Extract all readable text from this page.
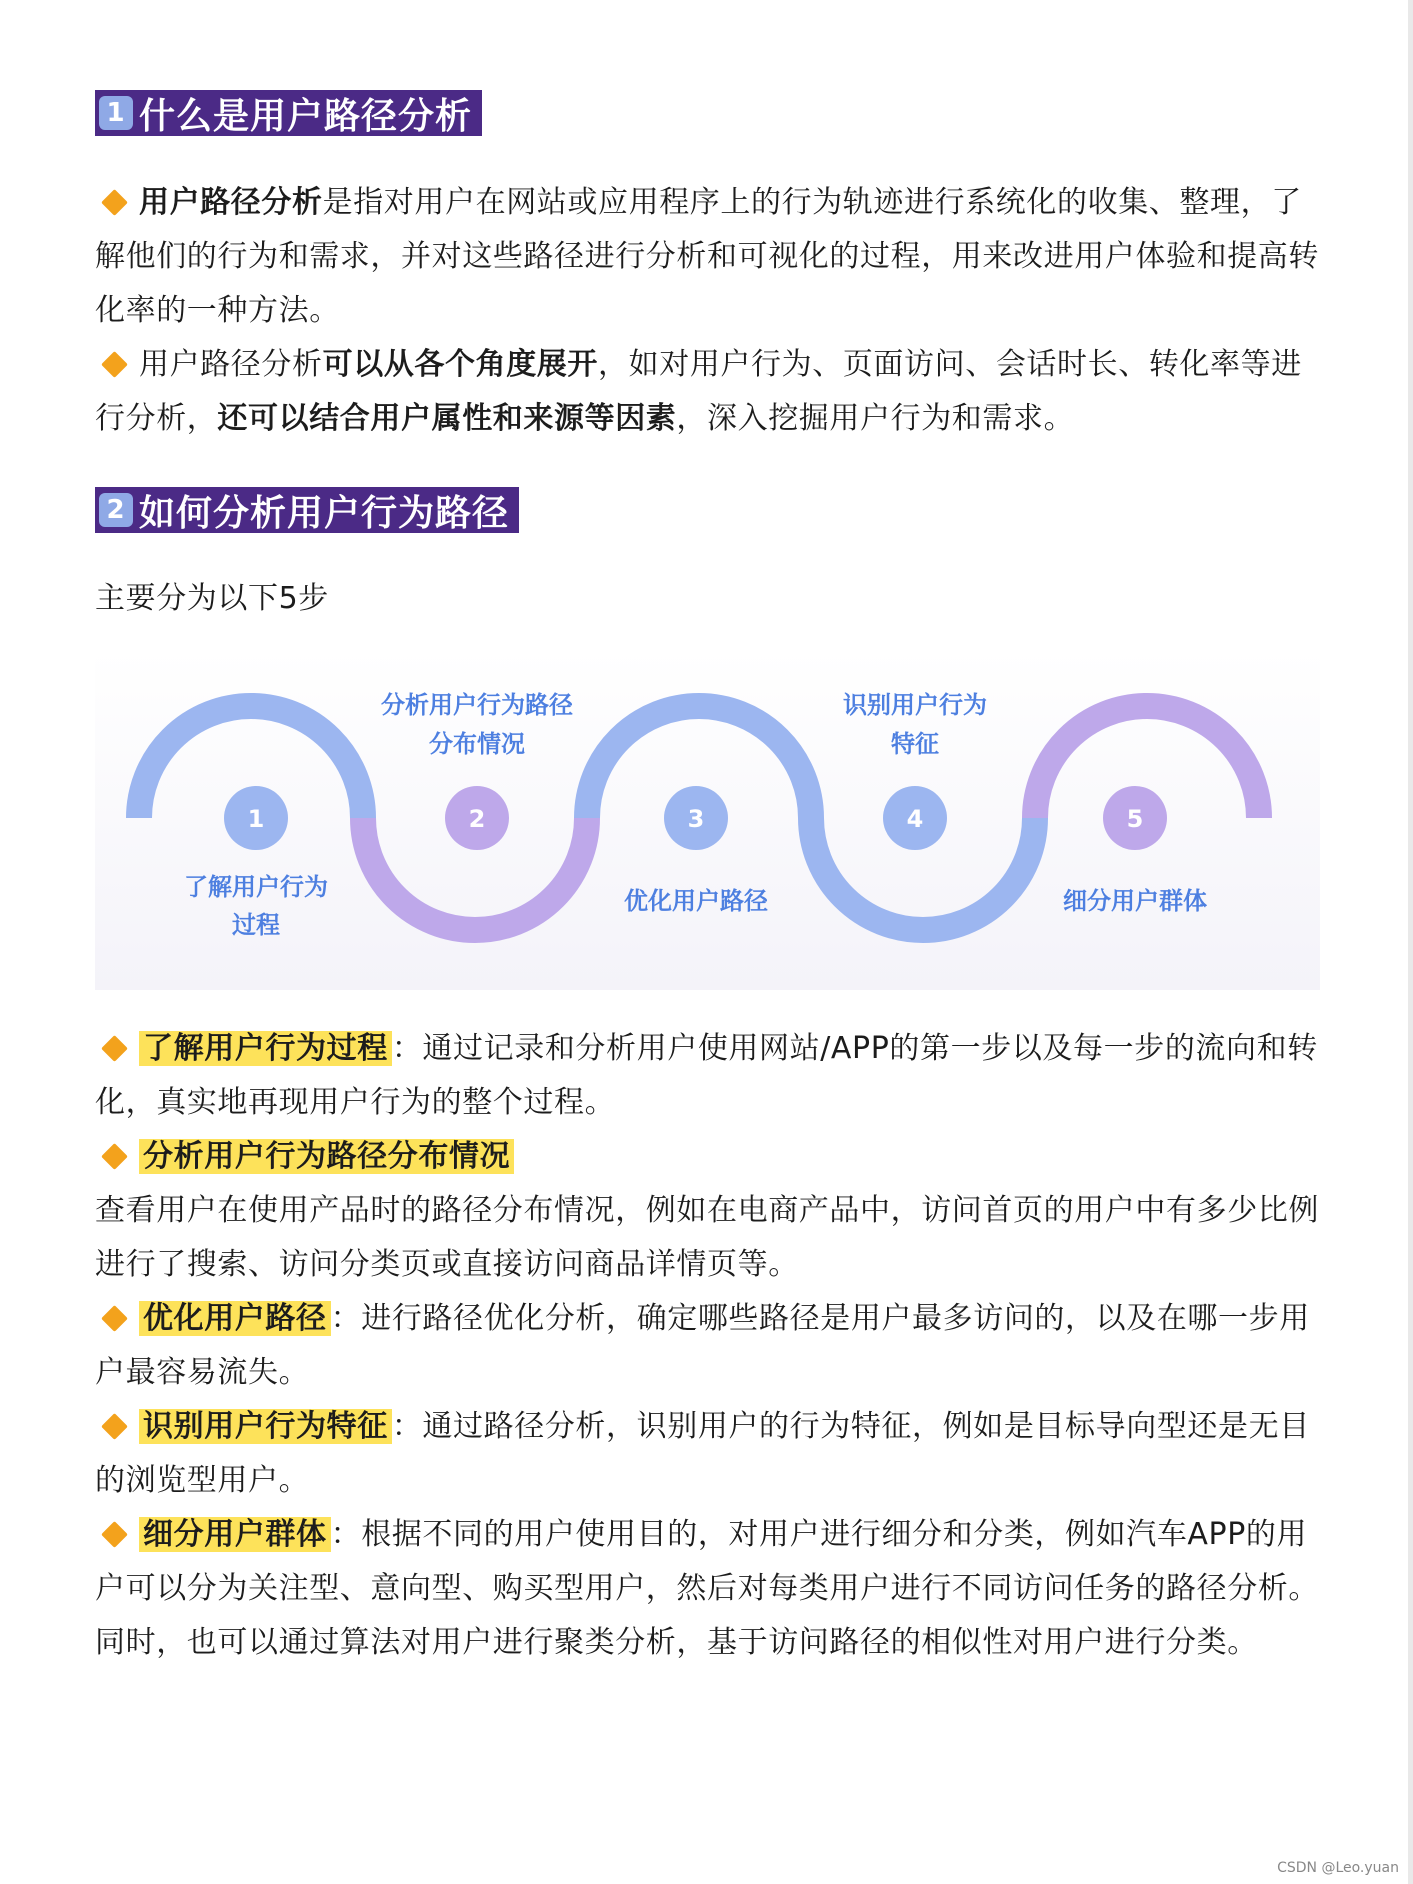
1 什么是用户路径分析

用户路径分析是指对用户在网站或应用程序上的行为轨迹进行系统化的收集、整理，了解他们的行为和需求，并对这些路径进行分析和可视化的过程，用来改进用户体验和提高转化率的一种方法。

用户路径分析可以从各个角度展开，如对用户行为、页面访问、会话时长、转化率等进行分析，还可以结合用户属性和来源等因素，深入挖掘用户行为和需求。

2 如何分析用户行为路径

主要分为以下5步

1	2	3	4	5
了解用户行为
过程
分析用户行为路径
分布情况
优化用户路径
识别用户行为
特征
细分用户群体

了解用户行为过程 ：通过记录和分析用户使用网站/APP的第一步以及每一步的流向和转化，真实地再现用户行为的整个过程。

分析用户行为路径分布情况
查看用户在使用产品时的路径分布情况，例如在电商产品中，访问首页的用户中有多少比例进行了搜索、访问分类页或直接访问商品详情页等。

优化用户路径 ：进行路径优化分析，确定哪些路径是用户最多访问的，以及在哪一步用户最容易流失。

识别用户行为特征 ：通过路径分析，识别用户的行为特征，例如是目标导向型还是无目的浏览型用户。

细分用户群体 ：根据不同的用户使用目的，对用户进行细分和分类，例如汽车APP的用户可以分为关注型、意向型、购买型用户，然后对每类用户进行不同访问任务的路径分析。同时，也可以通过算法对用户进行聚类分析，基于访问路径的相似性对用户进行分类。

CSDN @Leo.yuan
